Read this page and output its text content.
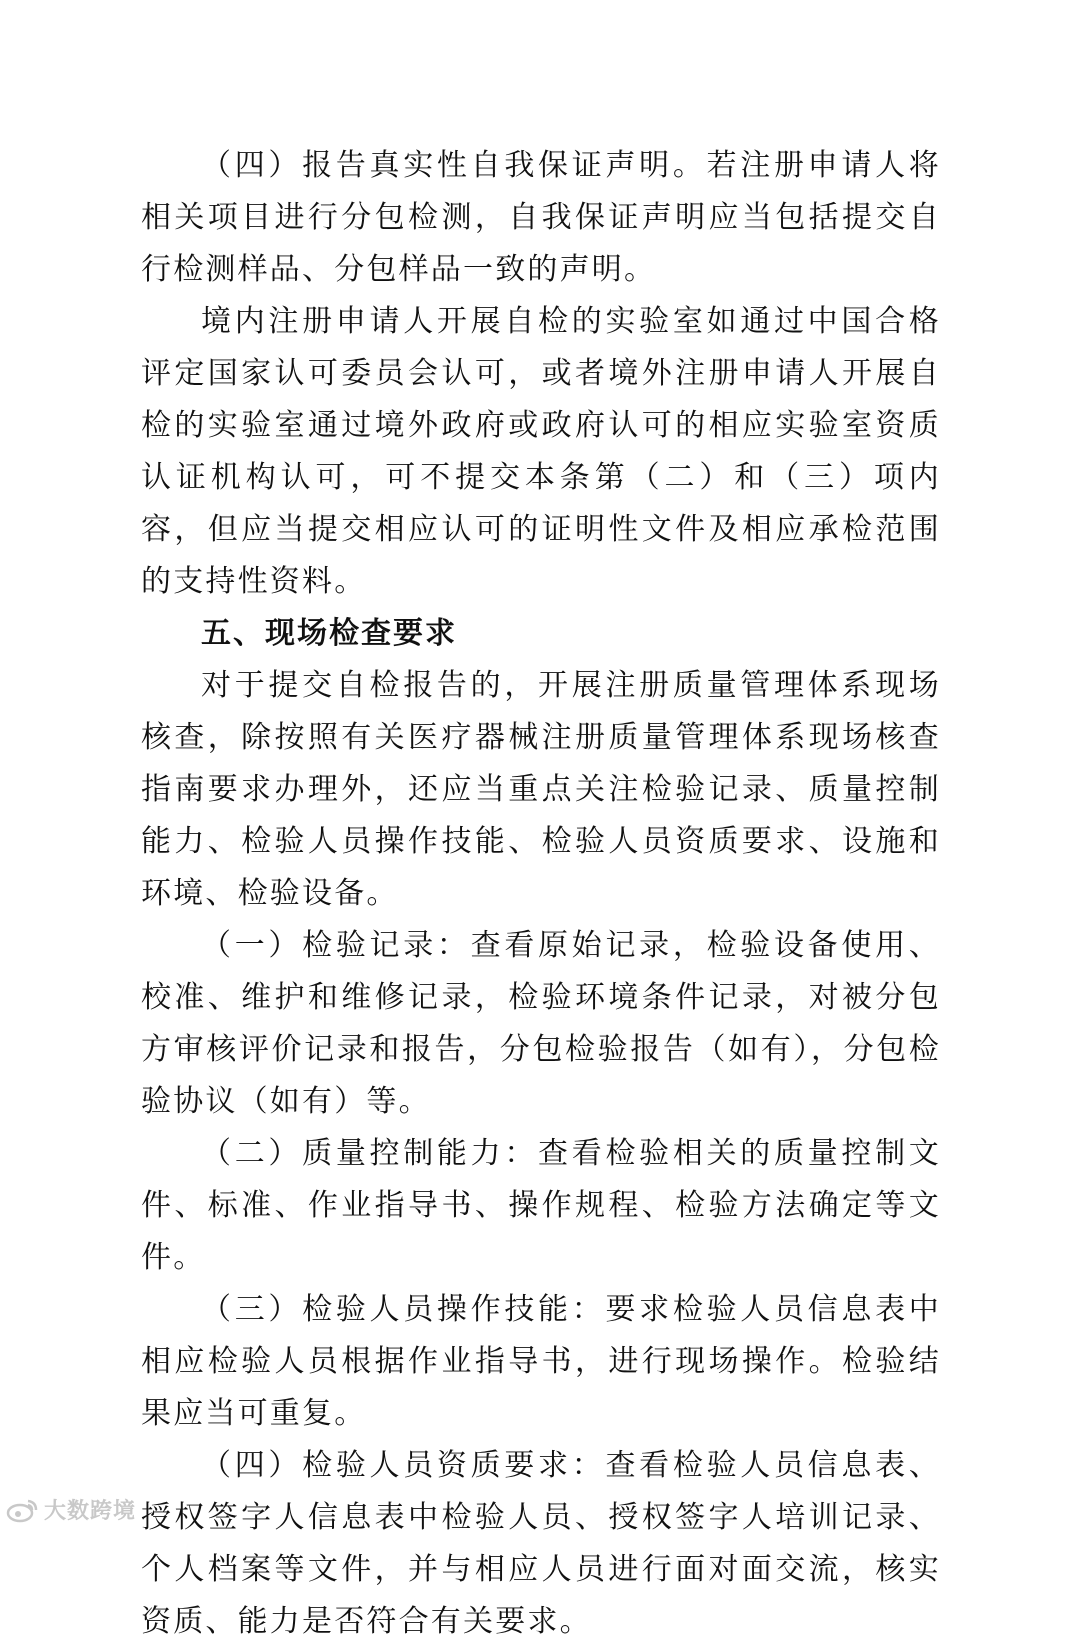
（四）报告真实性自我保证声明。若注册申请人将相关项目进行分包检测，自我保证声明应当包括提交自行检测样品、分包样品一致的声明。

境内注册申请人开展自检的实验室如通过中国合格评定国家认可委员会认可，或者境外注册申请人开展自检的实验室通过境外政府或政府认可的相应实验室资质认证机构认可，可不提交本条第（二）和（三）项内容，但应当提交相应认可的证明性文件及相应承检范围的支持性资料。

五、现场检查要求

对于提交自检报告的，开展注册质量管理体系现场核查，除按照有关医疗器械注册质量管理体系现场核查指南要求办理外，还应当重点关注检验记录、质量控制能力、检验人员操作技能、检验人员资质要求、设施和环境、检验设备。

（一）检验记录：查看原始记录，检验设备使用、校准、维护和维修记录，检验环境条件记录，对被分包方审核评价记录和报告，分包检验报告（如有），分包检验协议（如有）等。

（二）质量控制能力：查看检验相关的质量控制文件、标准、作业指导书、操作规程、检验方法确定等文件。

（三）检验人员操作技能：要求检验人员信息表中相应检验人员根据作业指导书，进行现场操作。检验结果应当可重复。

（四）检验人员资质要求：查看检验人员信息表、授权签字人信息表中检验人员、授权签字人培训记录、个人档案等文件，并与相应人员进行面对面交流，核实资质、能力是否符合有关要求。

大数跨境
